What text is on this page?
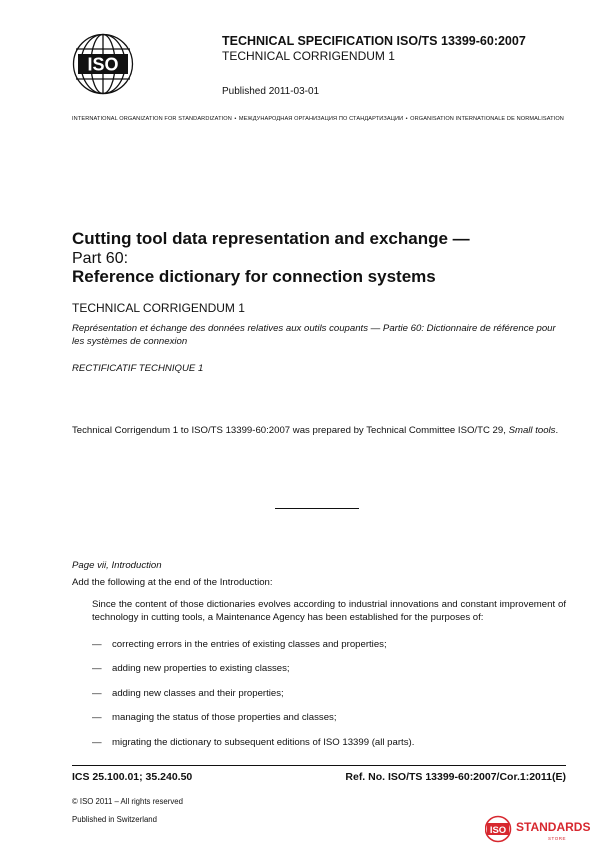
ISO
TECHNICAL SPECIFICATION ISO/TS 13399-60:2007
TECHNICAL CORRIGENDUM 1
Published 2011-03-01
INTERNATIONAL ORGANIZATION FOR STANDARDIZATION • МЕЖДУНАРОДНАЯ ОРГАНИЗАЦИЯ ПО СТАНДАРТИЗАЦИИ • ORGANISATION INTERNATIONALE DE NORMALISATION
Cutting tool data representation and exchange —
Part 60:
Reference dictionary for connection systems
TECHNICAL CORRIGENDUM 1
Représentation et échange des données relatives aux outils coupants — Partie 60: Dictionnaire de référence pour les systèmes de connexion
RECTIFICATIF TECHNIQUE 1
Technical Corrigendum 1 to ISO/TS 13399-60:2007 was prepared by Technical Committee ISO/TC 29, Small tools.
Page vii, Introduction
Add the following at the end of the Introduction:
Since the content of those dictionaries evolves according to industrial innovations and constant improvement of technology in cutting tools, a Maintenance Agency has been established for the purposes of:
— correcting errors in the entries of existing classes and properties;
— adding new properties to existing classes;
— adding new classes and their properties;
— managing the status of those properties and classes;
— migrating the dictionary to subsequent editions of ISO 13399 (all parts).
ICS 25.100.01; 35.240.50	Ref. No. ISO/TS 13399-60:2007/Cor.1:2011(E)
© ISO 2011 – All rights reserved
Published in Switzerland
ISO STANDARDS
STORE
